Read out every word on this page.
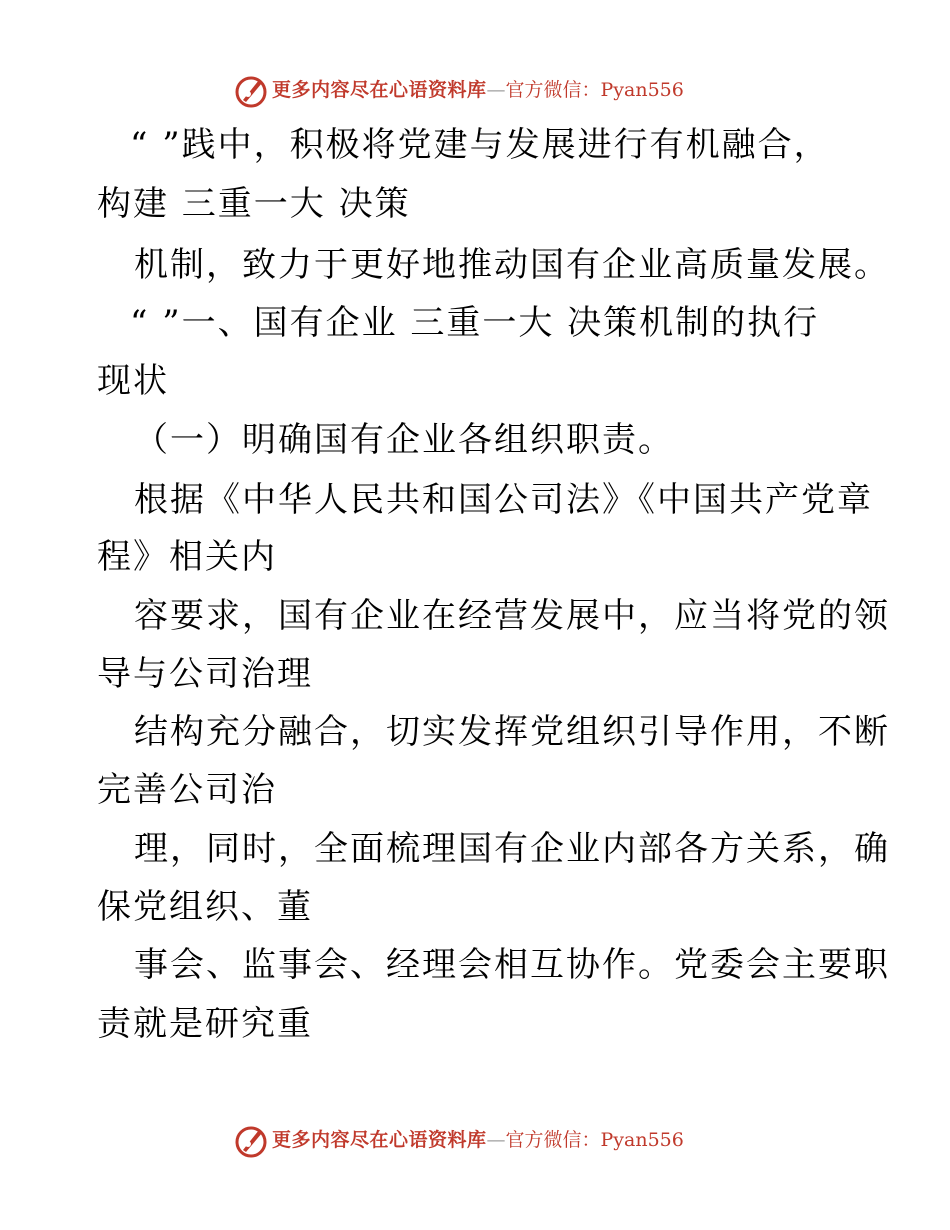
更多内容尽在心语资料库—官方微信：Pyan556
“ ”践中，积极将党建与发展进行有机融合，
构建 三重一大 决策
机制，致力于更好地推动国有企业高质量发展。
“ ”一、国有企业 三重一大 决策机制的执行
现状
（一）明确国有企业各组织职责。
根据《中华人民共和国公司法》《中国共产党章
程》相关内
容要求，国有企业在经营发展中，应当将党的领
导与公司治理
结构充分融合，切实发挥党组织引导作用，不断
完善公司治
理，同时，全面梳理国有企业内部各方关系，确
保党组织、董
事会、监事会、经理会相互协作。党委会主要职
责就是研究重
更多内容尽在心语资料库—官方微信：Pyan556
